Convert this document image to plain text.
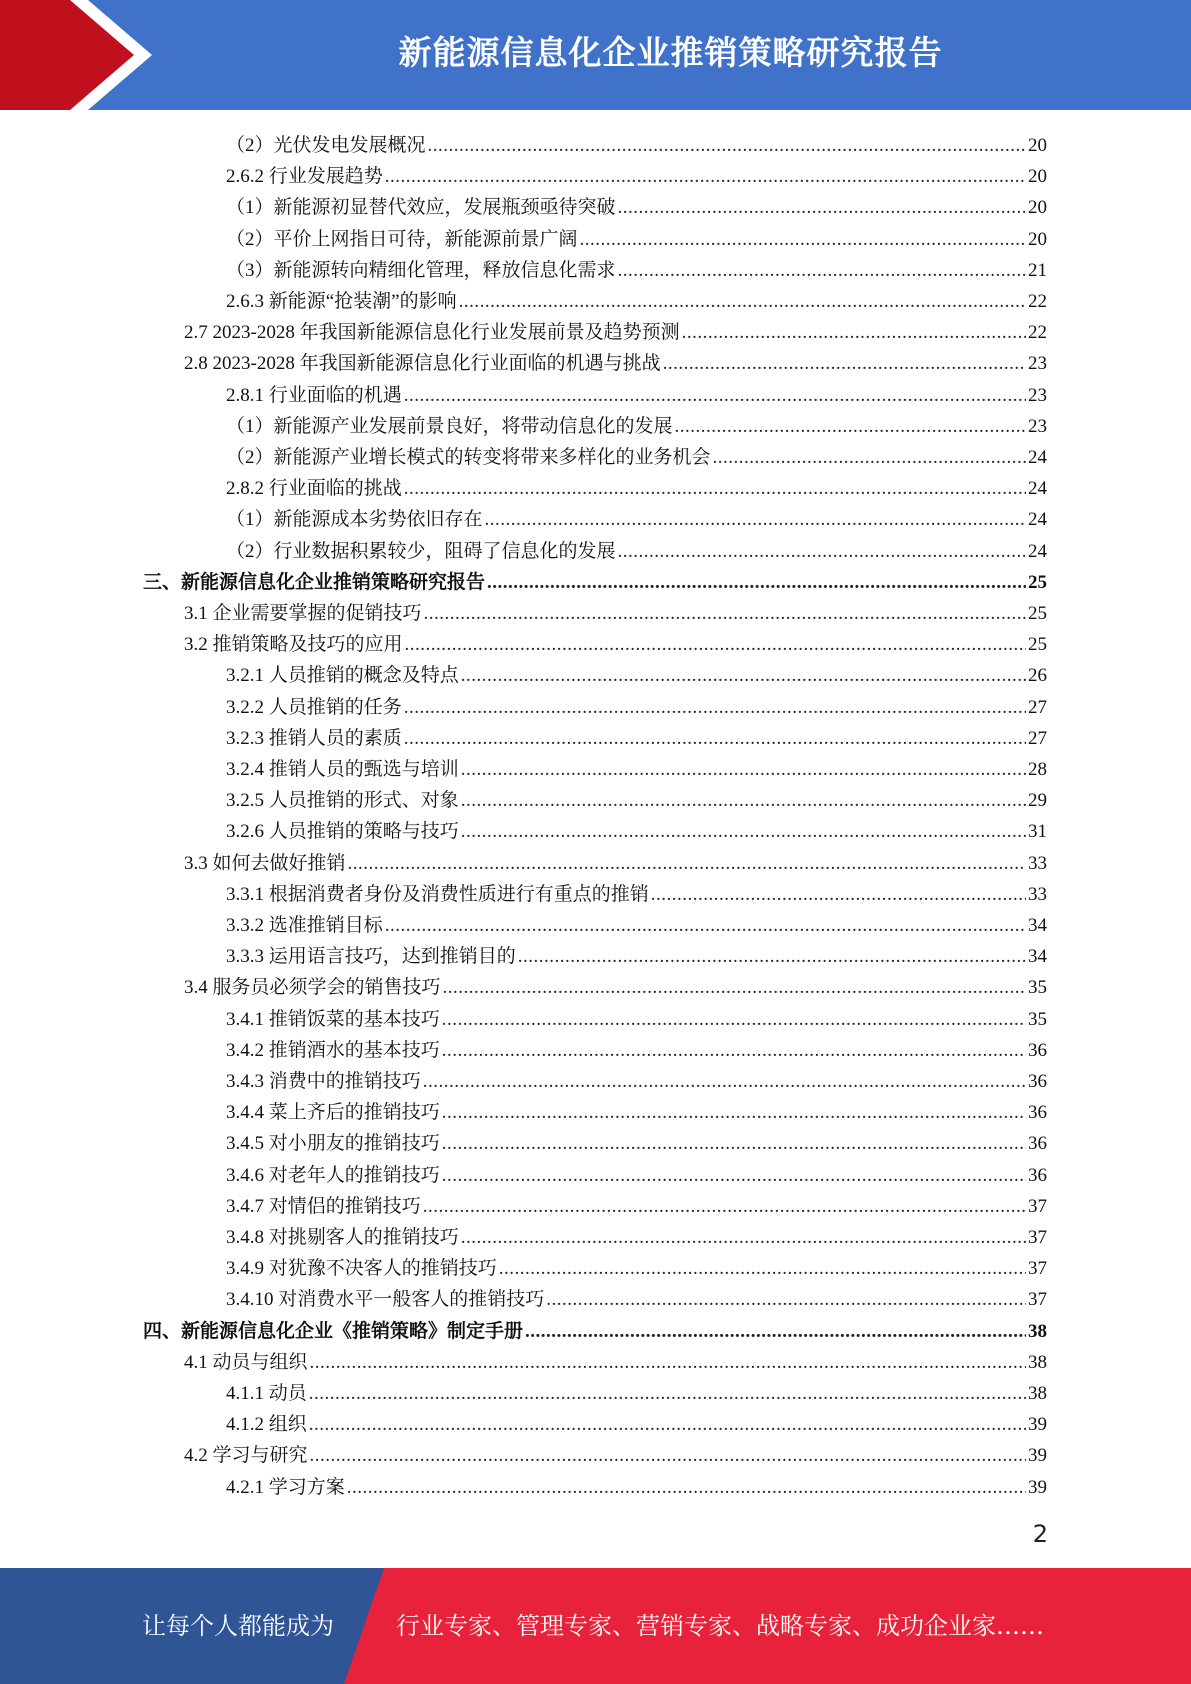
新能源信息化企业推销策略研究报告
（2）光伏发电发展概况 .....	20
2.6.2 行业发展趋势 .....	20
（1）新能源初显替代效应，发展瓶颈亟待突破 .....	20
（2）平价上网指日可待，新能源前景广阔 .....	20
（3）新能源转向精细化管理，释放信息化需求 .....	21
2.6.3 新能源“抢装潮”的影响 .....	22
2.7 2023-2028 年我国新能源信息化行业发展前景及趋势预测 .....	22
2.8 2023-2028 年我国新能源信息化行业面临的机遇与挑战 .....	23
2.8.1 行业面临的机遇 .....	23
（1）新能源产业发展前景良好，将带动信息化的发展 .....	23
（2）新能源产业增长模式的转变将带来多样化的业务机会 .....	24
2.8.2 行业面临的挑战 .....	24
（1）新能源成本劣势依旧存在 .....	24
（2）行业数据积累较少，阻碍了信息化的发展 .....	24
三、新能源信息化企业推销策略研究报告 .....	25
3.1 企业需要掌握的促销技巧 .....	25
3.2 推销策略及技巧的应用 .....	25
3.2.1 人员推销的概念及特点 .....	26
3.2.2 人员推销的任务 .....	27
3.2.3 推销人员的素质 .....	27
3.2.4 推销人员的甄选与培训 .....	28
3.2.5 人员推销的形式、对象 .....	29
3.2.6 人员推销的策略与技巧 .....	31
3.3 如何去做好推销 .....	33
3.3.1 根据消费者身份及消费性质进行有重点的推销 .....	33
3.3.2 选准推销目标 .....	34
3.3.3 运用语言技巧，达到推销目的 .....	34
3.4 服务员必须学会的销售技巧 .....	35
3.4.1 推销饭菜的基本技巧 .....	35
3.4.2 推销酒水的基本技巧 .....	36
3.4.3 消费中的推销技巧 .....	36
3.4.4 菜上齐后的推销技巧 .....	36
3.4.5 对小朋友的推销技巧 .....	36
3.4.6 对老年人的推销技巧 .....	36
3.4.7 对情侣的推销技巧 .....	37
3.4.8 对挑剔客人的推销技巧 .....	37
3.4.9 对犹豫不决客人的推销技巧 .....	37
3.4.10 对消费水平一般客人的推销技巧 .....	37
四、新能源信息化企业《推销策略》制定手册 .....	38
4.1 动员与组织 .....	38
4.1.1 动员 .....	38
4.1.2 组织 .....	39
4.2 学习与研究 .....	39
4.2.1 学习方案 .....	39
2
让每个人都能成为	行业专家、管理专家、营销专家、战略专家、成功企业家……
